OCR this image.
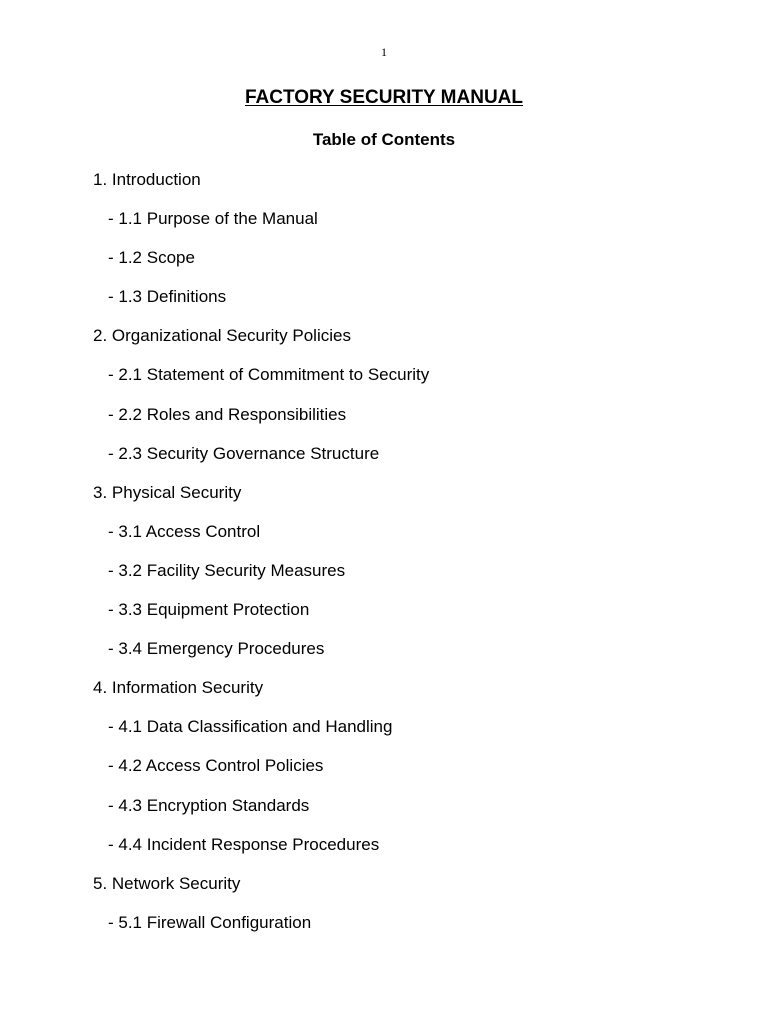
1
FACTORY SECURITY MANUAL
Table of Contents
1. Introduction
- 1.1 Purpose of the Manual
- 1.2 Scope
- 1.3 Definitions
2. Organizational Security Policies
- 2.1 Statement of Commitment to Security
- 2.2 Roles and Responsibilities
- 2.3 Security Governance Structure
3. Physical Security
- 3.1 Access Control
- 3.2 Facility Security Measures
- 3.3 Equipment Protection
- 3.4 Emergency Procedures
4. Information Security
- 4.1 Data Classification and Handling
- 4.2 Access Control Policies
- 4.3 Encryption Standards
- 4.4 Incident Response Procedures
5. Network Security
- 5.1 Firewall Configuration
